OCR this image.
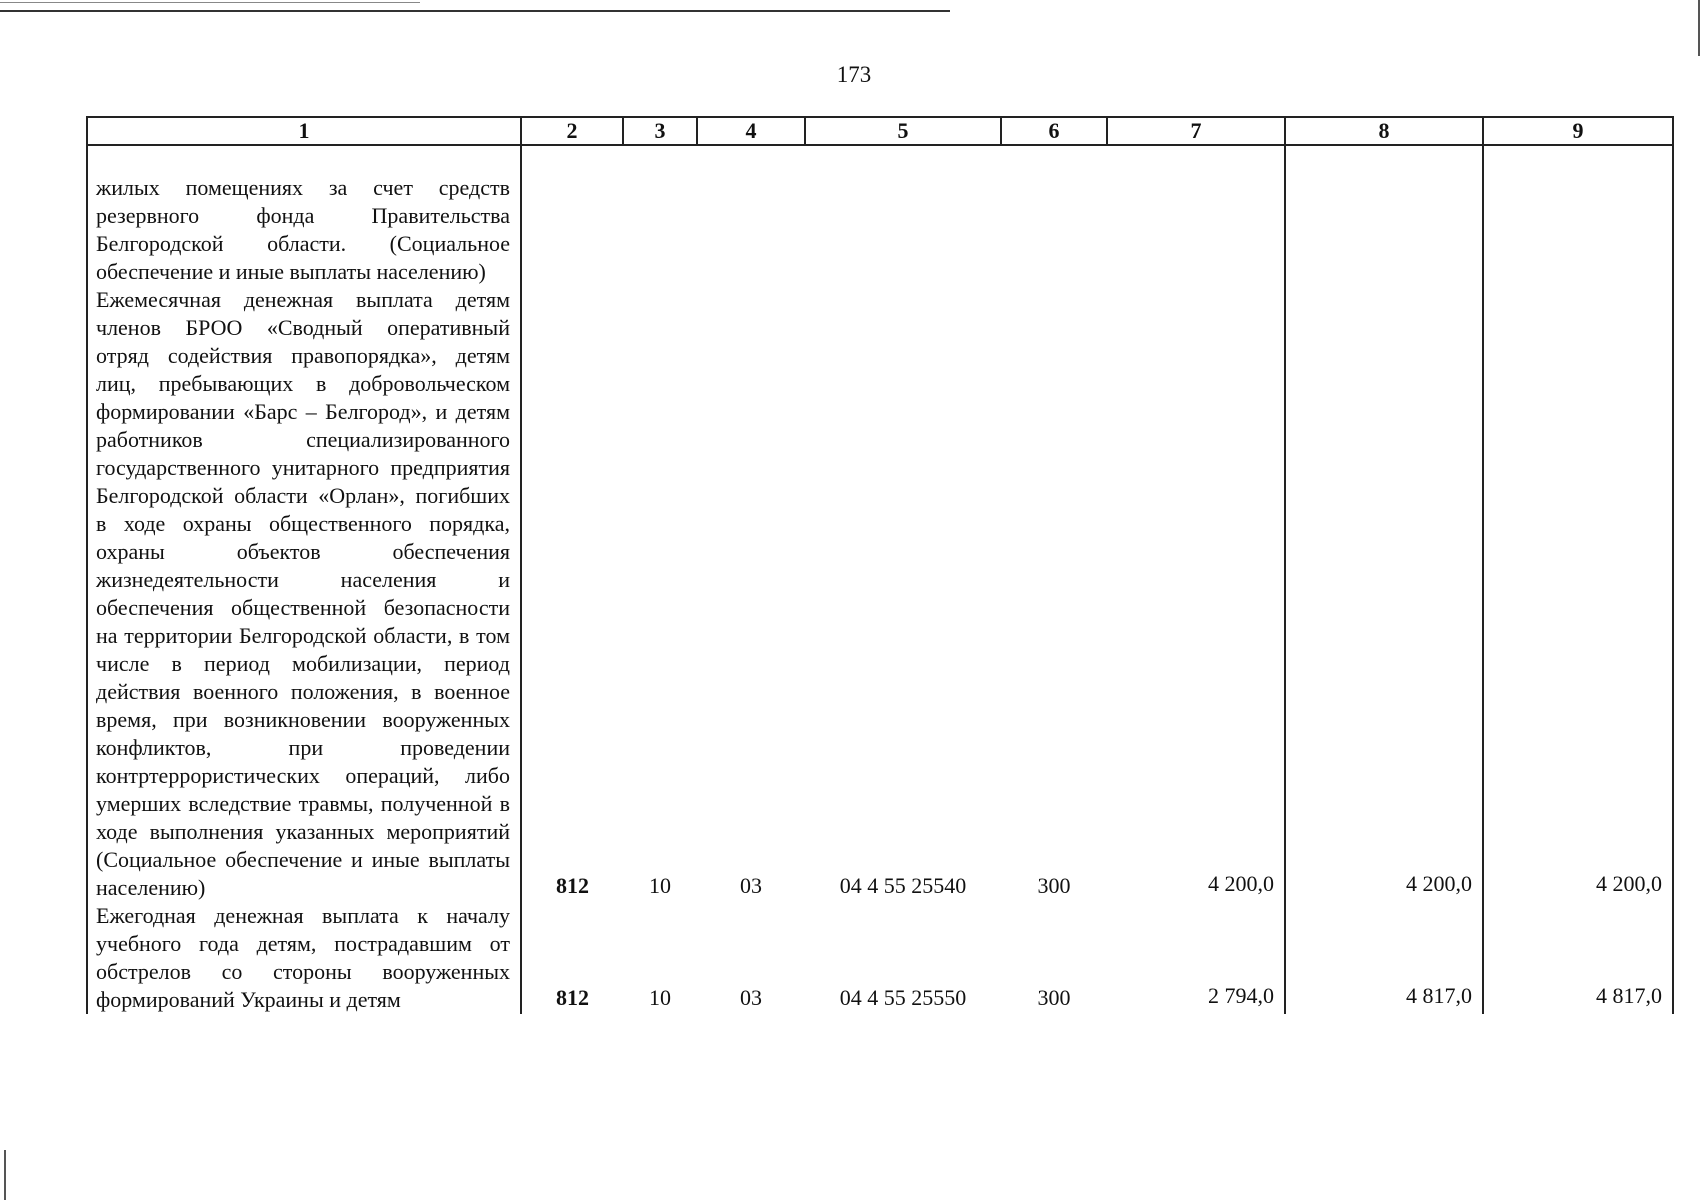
173
1	2	3	4	5	6	7	8	9
жилых помещениях за счет средств резервного фонда Правительства Белгородской области. (Социальное обеспечение и иные выплаты населению)								
Ежемесячная денежная выплата детям членов БРОО «Сводный оперативный отряд содействия правопорядка», детям лиц, пребывающих в добровольческом формировании «Барс – Белгород», и детям работников специализированного государственного унитарного предприятия Белгородской области «Орлан», погибших в ходе охраны общественного порядка, охраны объектов обеспечения жизнедеятельности населения и обеспечения общественной безопасности на территории Белгородской области, в том числе в период мобилизации, период действия военного положения, в военное время, при возникновении вооруженных конфликтов, при проведении контртеррористических операций, либо умерших вследствие травмы, полученной в ходе выполнения указанных мероприятий (Социальное обеспечение и иные выплаты населению)	812	10	03	04 4 55 25540	300	4 200,0	4 200,0	4 200,0
Ежегодная денежная выплата к началу учебного года детям, пострадавшим от обстрелов со стороны вооруженных формирований Украины и детям	812	10	03	04 4 55 25550	300	2 794,0	4 817,0	4 817,0
